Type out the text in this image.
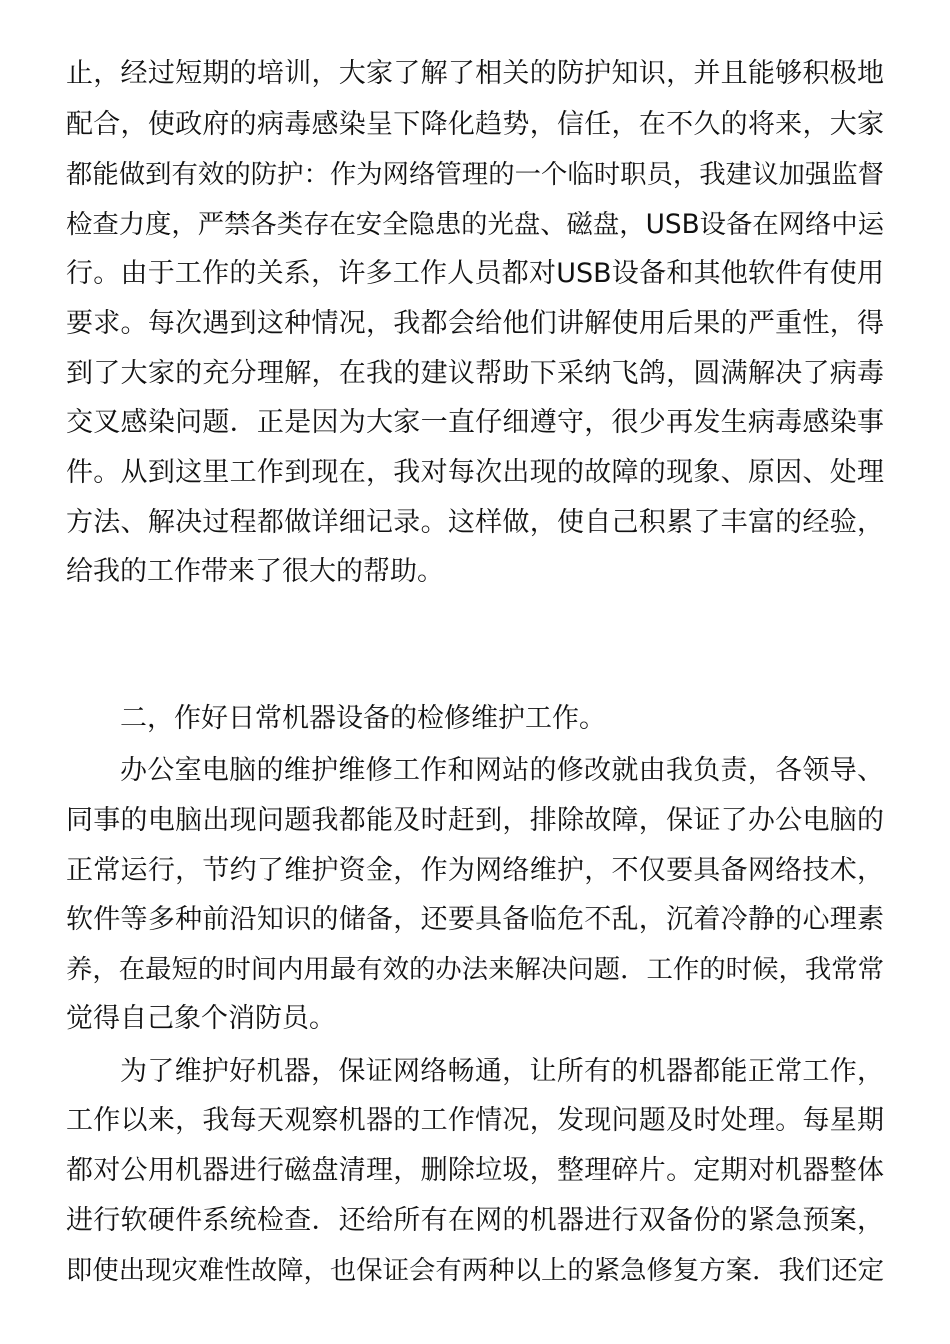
止，经过短期的培训，大家了解了相关的防护知识，并且能够积极地
配合，使政府的病毒感染呈下降化趋势，信任，在不久的将来，大家
都能做到有效的防护：作为网络管理的一个临时职员，我建议加强监督
检查力度，严禁各类存在安全隐患的光盘、磁盘，USB设备在网络中运
行。由于工作的关系，许多工作人员都对USB设备和其他软件有使用
要求。每次遇到这种情况，我都会给他们讲解使用后果的严重性，得
到了大家的充分理解，在我的建议帮助下采纳飞鸽，圆满解决了病毒
交叉感染问题．正是因为大家一直仔细遵守，很少再发生病毒感染事
件。从到这里工作到现在，我对每次出现的故障的现象、原因、处理
方法、解决过程都做详细记录。这样做，使自己积累了丰富的经验，
给我的工作带来了很大的帮助。
二，作好日常机器设备的检修维护工作。
办公室电脑的维护维修工作和网站的修改就由我负责，各领导、
同事的电脑出现问题我都能及时赶到，排除故障，保证了办公电脑的
正常运行，节约了维护资金，作为网络维护，不仅要具备网络技术，
软件等多种前沿知识的储备，还要具备临危不乱，沉着冷静的心理素
养，在最短的时间内用最有效的办法来解决问题．工作的时候，我常常
觉得自己象个消防员。
为了维护好机器，保证网络畅通，让所有的机器都能正常工作，
工作以来，我每天观察机器的工作情况，发现问题及时处理。每星期
都对公用机器进行磁盘清理，删除垃圾，整理碎片。定期对机器整体
进行软硬件系统检查．还给所有在网的机器进行双备份的紧急预案，
即使出现灾难性故障，也保证会有两种以上的紧急修复方案．我们还定
